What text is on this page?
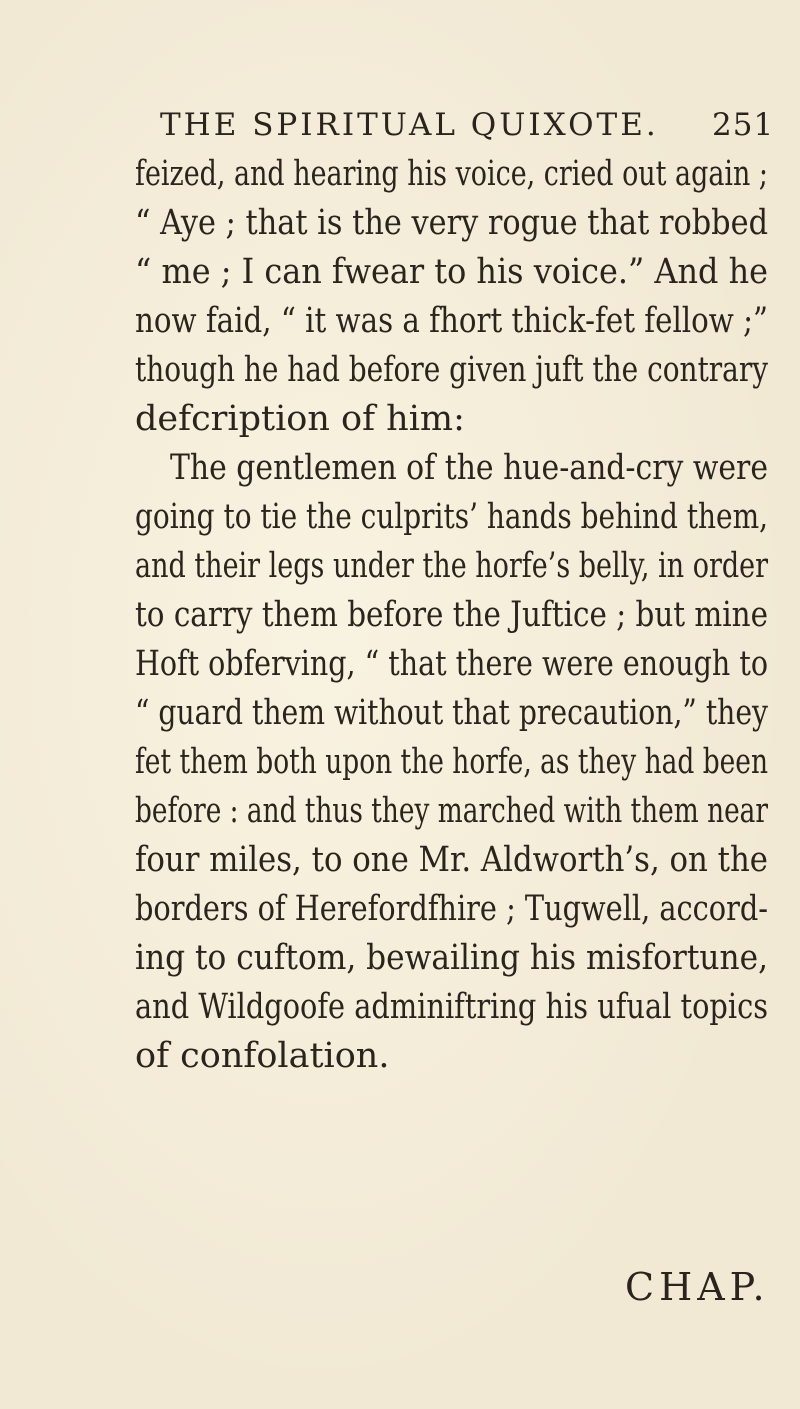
THE SPIRITUAL QUIXOTE. 251
feized, and hearing his voice, cried out again ;
“ Aye ; that is the very rogue that robbed
“ me ; I can fwear to his voice.” And he
now faid, “ it was a fhort thick-fet fellow ;”
though he had before given juft the contrary
defcription of him:
The gentlemen of the hue-and-cry were
going to tie the culprits’ hands behind them,
and their legs under the horfe’s belly, in order
to carry them before the Juftice ; but mine
Hoft obferving, “ that there were enough to
“ guard them without that precaution,” they
fet them both upon the horfe, as they had been
before : and thus they marched with them near
four miles, to one Mr. Aldworth’s, on the
borders of Herefordfhire ; Tugwell, accord-
ing to cuftom, bewailing his misfortune,
and Wildgoofe adminiftring his ufual topics
of confolation.
CHAP.
